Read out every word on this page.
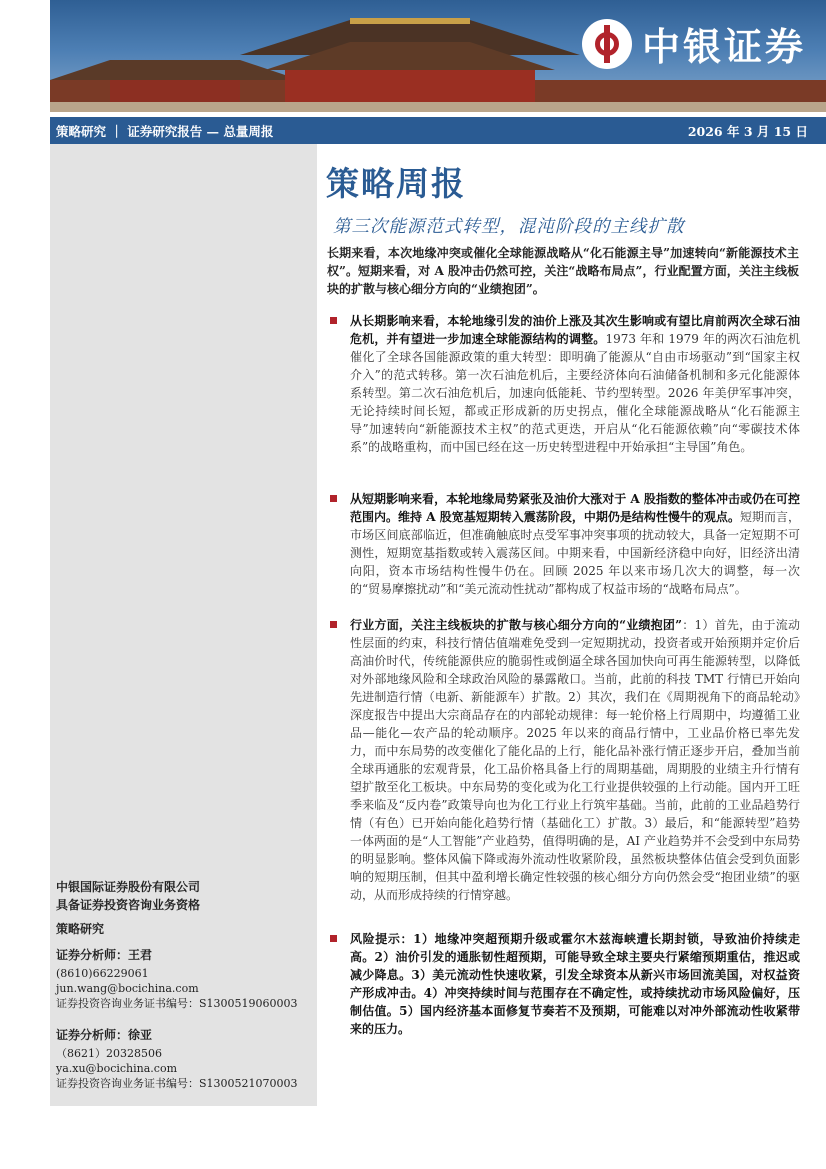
中银证券
策略研究 ｜ 证券研究报告 — 总量周报	2026 年 3 月 15 日
中银国际证券股份有限公司
具备证券投资咨询业务资格
策略研究
证券分析师：王君
(8610)66229061
jun.wang@bocichina.com
证券投资咨询业务证书编号：S1300519060003
证券分析师：徐亚
（8621）20328506
ya.xu@bocichina.com
证券投资咨询业务证书编号：S1300521070003
策略周报
第三次能源范式转型，混沌阶段的主线扩散
长期来看，本次地缘冲突或催化全球能源战略从“化石能源主导”加速转向“新能源技术主权”。短期来看，对 A 股冲击仍然可控，关注“战略布局点”，行业配置方面，关注主线板块的扩散与核心细分方向的“业绩抱团”。
从长期影响来看，本轮地缘引发的油价上涨及其次生影响或有望比肩前两次全球石油危机，并有望进一步加速全球能源结构的调整。1973 年和 1979 年的两次石油危机催化了全球各国能源政策的重大转型：即明确了能源从“自由市场驱动”到“国家主权介入”的范式转移。第一次石油危机后，主要经济体向石油储备机制和多元化能源体系转型。第二次石油危机后，加速向低能耗、节约型转型。2026 年美伊军事冲突，无论持续时间长短，都或正形成新的历史拐点，催化全球能源战略从“化石能源主导”加速转向“新能源技术主权”的范式更迭，开启从“化石能源依赖”向“零碳技术体系”的战略重构，而中国已经在这一历史转型进程中开始承担“主导国”角色。
从短期影响来看，本轮地缘局势紧张及油价大涨对于 A 股指数的整体冲击或仍在可控范围内。维持 A 股宽基短期转入震荡阶段，中期仍是结构性慢牛的观点。短期而言，市场区间底部临近，但准确触底时点受军事冲突事项的扰动较大，具备一定短期不可测性，短期宽基指数或转入震荡区间。中期来看，中国新经济稳中向好，旧经济出清向阳，资本市场结构性慢牛仍在。回顾 2025 年以来市场几次大的调整，每一次的“贸易摩擦扰动”和“美元流动性扰动”都构成了权益市场的“战略布局点”。
行业方面，关注主线板块的扩散与核心细分方向的“业绩抱团”：1）首先，由于流动性层面的约束，科技行情估值端难免受到一定短期扰动，投资者或开始预期并定价后高油价时代，传统能源供应的脆弱性或倒逼全球各国加快向可再生能源转型，以降低对外部地缘风险和全球政治风险的暴露敞口。当前，此前的科技 TMT 行情已开始向先进制造行情（电新、新能源车）扩散。2）其次，我们在《周期视角下的商品轮动》深度报告中提出大宗商品存在的内部轮动规律：每一轮价格上行周期中，均遵循工业品—能化—农产品的轮动顺序。2025 年以来的商品行情中，工业品价格已率先发力，而中东局势的改变催化了能化品的上行，能化品补涨行情正逐步开启，叠加当前全球再通胀的宏观背景，化工品价格具备上行的周期基础，周期股的业绩主升行情有望扩散至化工板块。中东局势的变化或为化工行业提供较强的上行动能。国内开工旺季来临及“反内卷”政策导向也为化工行业上行筑牢基础。当前，此前的工业品趋势行情（有色）已开始向能化趋势行情（基础化工）扩散。3）最后，和“能源转型”趋势一体两面的是“人工智能”产业趋势，值得明确的是，AI 产业趋势并不会受到中东局势的明显影响。整体风偏下降或海外流动性收紧阶段，虽然板块整体估值会受到负面影响的短期压制，但其中盈利增长确定性较强的核心细分方向仍然会受“抱团业绩”的驱动，从而形成持续的行情穿越。
风险提示：1）地缘冲突超预期升级或霍尔木兹海峡遭长期封锁，导致油价持续走高。2）油价引发的通胀韧性超预期，可能导致全球主要央行紧缩预期重估，推迟或减少降息。3）美元流动性快速收紧，引发全球资本从新兴市场回流美国，对权益资产形成冲击。4）冲突持续时间与范围存在不确定性，或持续扰动市场风险偏好，压制估值。5）国内经济基本面修复节奏若不及预期，可能难以对冲外部流动性收紧带来的压力。
